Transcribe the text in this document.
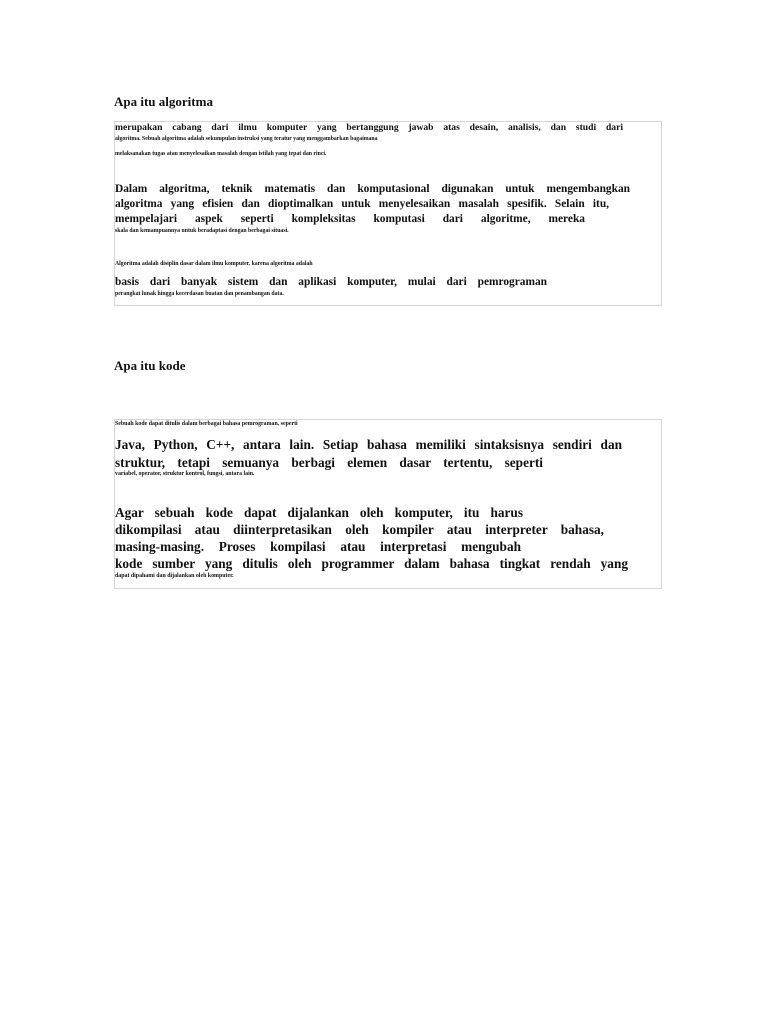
Apa itu algoritma

merupakan cabang dari ilmu komputer yang bertanggung jawab atas desain, analisis, dan studi dari

algoritma. Sebuah algoritma adalah sekumpulan instruksi yang teratur yang menggambarkan bagaimana

melaksanakan tugas atau menyelesaikan masalah dengan istilah yang tepat dan rinci.

Dalam algoritma, teknik matematis dan komputasional digunakan untuk mengembangkan

algoritma yang efisien dan dioptimalkan untuk menyelesaikan masalah spesifik. Selain itu,

mempelajari aspek seperti kompleksitas komputasi dari algoritme, mereka

skala dan kemampuannya untuk beradaptasi dengan berbagai situasi.

Algoritma adalah disiplin dasar dalam ilmu komputer, karena algoritma adalah

basis dari banyak sistem dan aplikasi komputer, mulai dari pemrograman

perangkat lunak hingga kecerdasan buatan dan penambangan data.

Apa itu kode

Sebuah kode dapat ditulis dalam berbagai bahasa pemrograman, seperti

Java, Python, C++, antara lain. Setiap bahasa memiliki sintaksisnya sendiri dan

struktur, tetapi semuanya berbagi elemen dasar tertentu, seperti

variabel, operator, struktur kontrol, fungsi, antara lain.

Agar sebuah kode dapat dijalankan oleh komputer, itu harus

dikompilasi atau diinterpretasikan oleh kompiler atau interpreter bahasa,

masing-masing. Proses kompilasi atau interpretasi mengubah

kode sumber yang ditulis oleh programmer dalam bahasa tingkat rendah yang

dapat dipahami dan dijalankan oleh komputer.
